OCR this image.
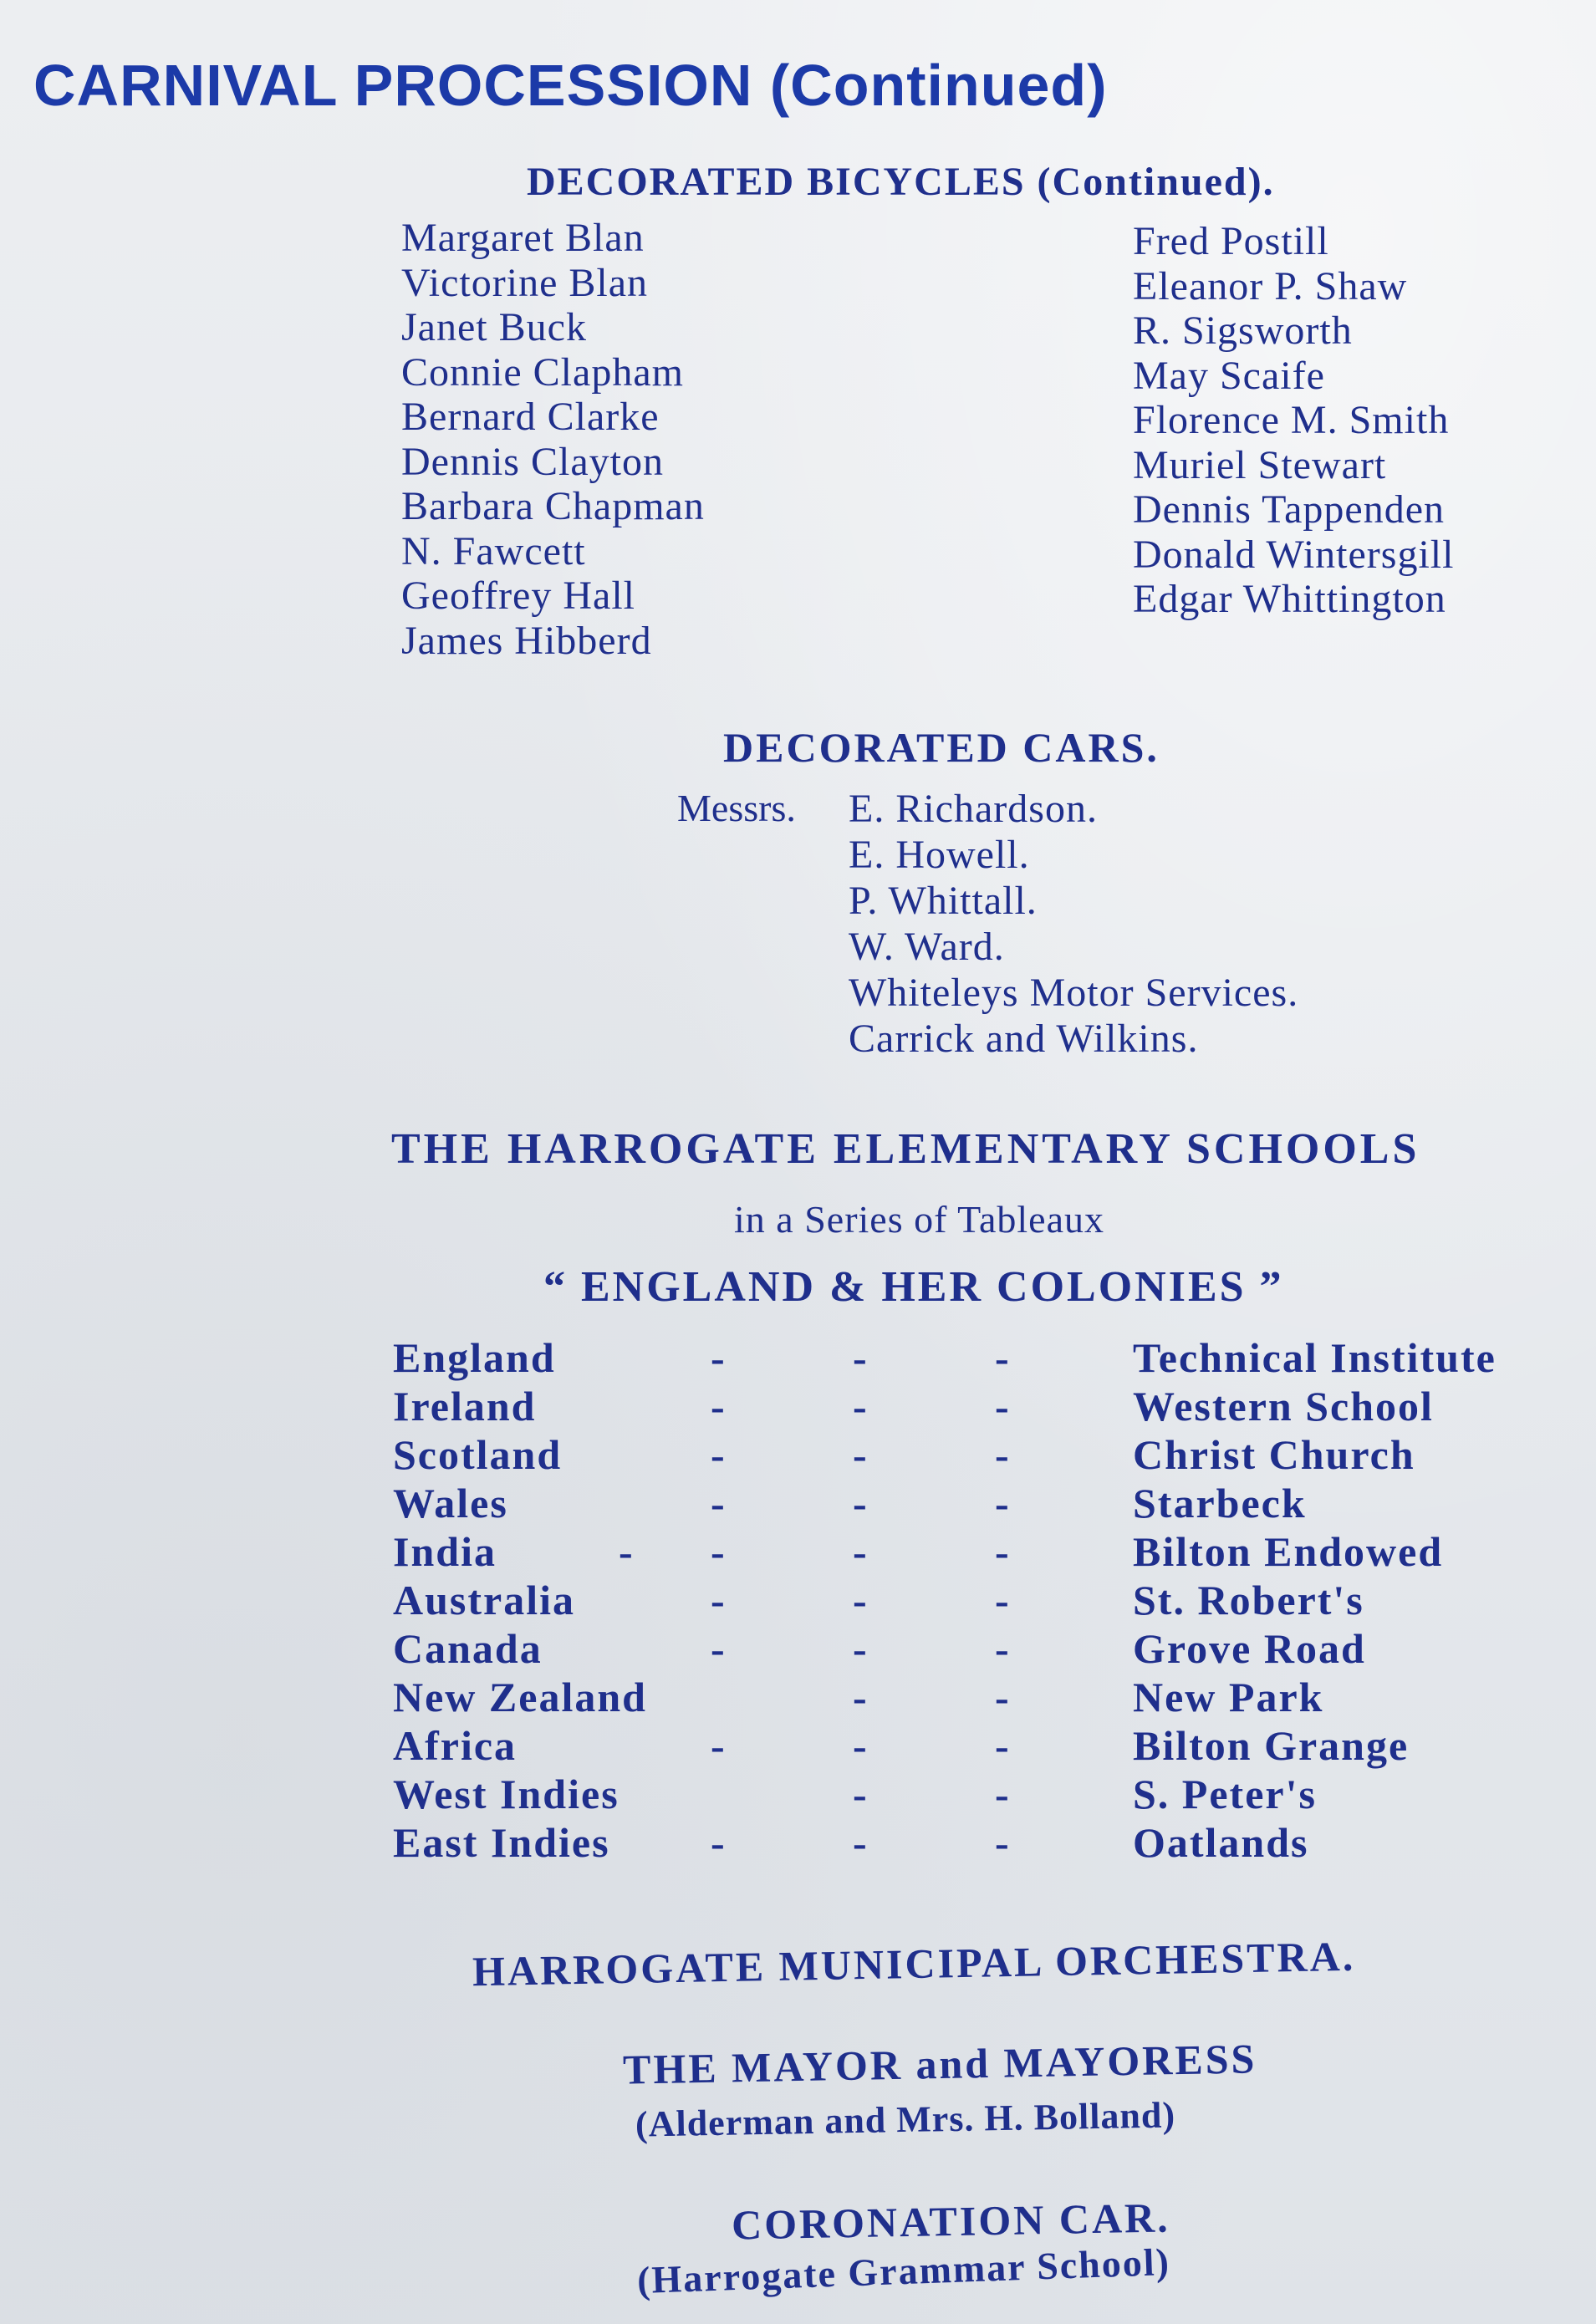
CARNIVAL PROCESSION (Continued)
DECORATED BICYCLES (Continued).
Margaret Blan
Victorine Blan
Janet Buck
Connie Clapham
Bernard Clarke
Dennis Clayton
Barbara Chapman
N. Fawcett
Geoffrey Hall
James Hibberd
Fred Postill
Eleanor P. Shaw
R. Sigsworth
May Scaife
Florence M. Smith
Muriel Stewart
Dennis Tappenden
Donald Wintersgill
Edgar Whittington
DECORATED CARS.
Messrs. E. Richardson.
E. Howell.
P. Whittall.
W. Ward.
Whiteleys Motor Services.
Carrick and Wilkins.
THE HARROGATE ELEMENTARY SCHOOLS
in a Series of Tableaux
“ ENGLAND & HER COLONIES ”
England	-	-	-	Technical Institute
Ireland	-	-	-	Western School
Scotland	-	-	-	Christ Church
Wales	-	-	-	Starbeck
India	- -	-	-	Bilton Endowed
Australia	-	-	-	St. Robert's
Canada	-	-	-	Grove Road
New Zealand	-	-	New Park
Africa	-	-	-	Bilton Grange
West Indies	-	-	S. Peter's
East Indies -	-	-	Oatlands
HARROGATE MUNICIPAL ORCHESTRA.
THE MAYOR and MAYORESS
(Alderman and Mrs. H. Bolland)
CORONATION CAR.
(Harrogate Grammar School)
